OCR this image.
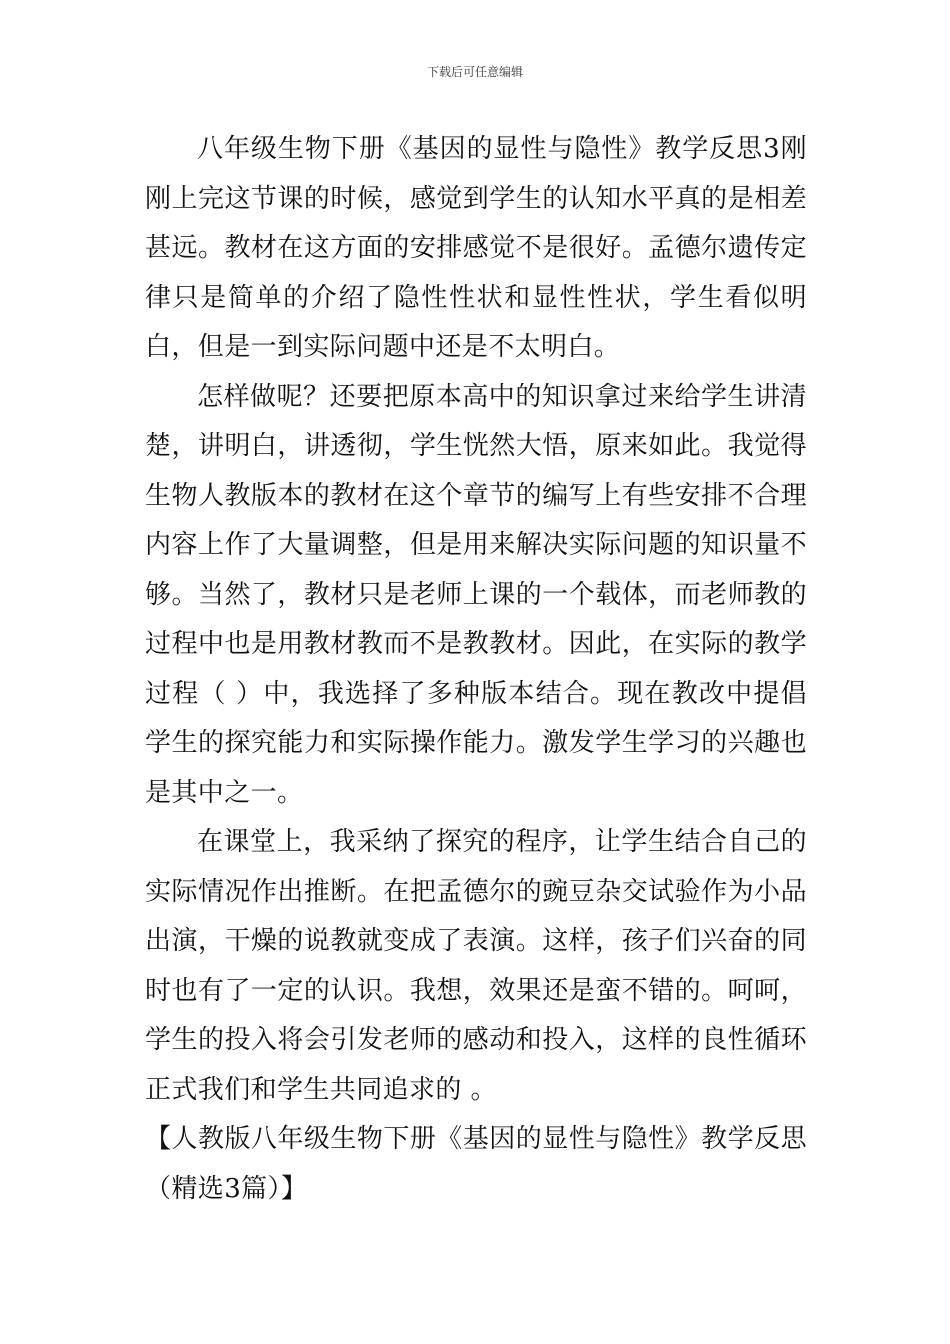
下载后可任意编辑

八年级生物下册《基因的显性与隐性》教学反思3刚刚上完这节课的时候，感觉到学生的认知水平真的是相差甚远。教材在这方面的安排感觉不是很好。孟德尔遗传定律只是简单的介绍了隐性性状和显性性状，学生看似明白，但是一到实际问题中还是不太明白。

怎样做呢？还要把原本高中的知识拿过来给学生讲清楚，讲明白，讲透彻，学生恍然大悟，原来如此。我觉得生物人教版本的教材在这个章节的编写上有些安排不合理内容上作了大量调整，但是用来解决实际问题的知识量不够。当然了，教材只是老师上课的一个载体，而老师教的过程中也是用教材教而不是教教材。因此，在实际的教学过程（ ）中，我选择了多种版本结合。现在教改中提倡学生的探究能力和实际操作能力。激发学生学习的兴趣也是其中之一。

在课堂上，我采纳了探究的程序，让学生结合自己的实际情况作出推断。在把孟德尔的豌豆杂交试验作为小品出演，干燥的说教就变成了表演。这样，孩子们兴奋的同时也有了一定的认识。我想，效果还是蛮不错的。呵呵，学生的投入将会引发老师的感动和投入，这样的良性循环正式我们和学生共同追求的 。

【人教版八年级生物下册《基因的显性与隐性》教学反思（精选3篇）】
